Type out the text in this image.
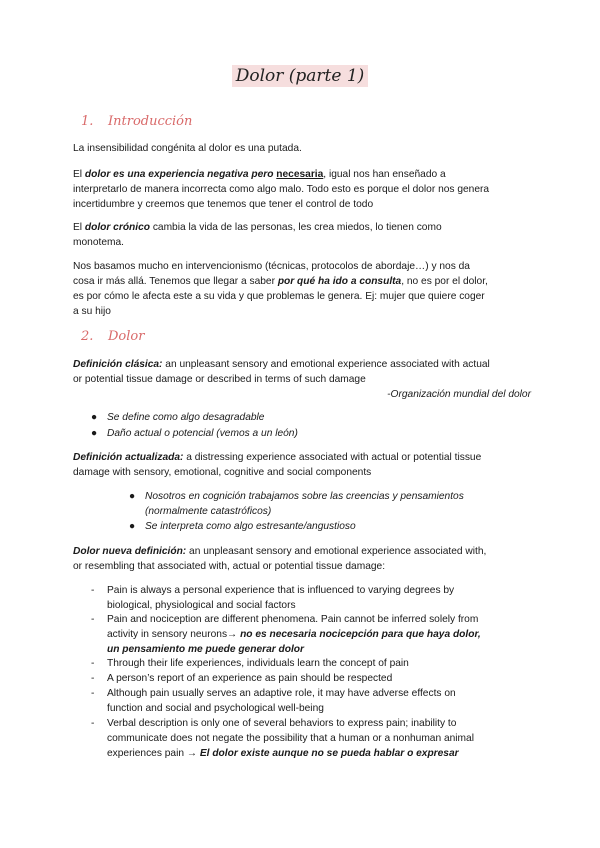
Dolor (parte 1)
1. Introducción
La insensibilidad congénita al dolor es una putada.
El dolor es una experiencia negativa pero necesaria, igual nos han enseñado a
interpretarlo de manera incorrecta como algo malo. Todo esto es porque el dolor nos genera
incertidumbre y creemos que tenemos que tener el control de todo
El dolor crónico cambia la vida de las personas, les crea miedos, lo tienen como
monotema.
Nos basamos mucho en intervencionismo (técnicas, protocolos de abordaje…) y nos da
cosa ir más allá. Tenemos que llegar a saber por qué ha ido a consulta, no es por el dolor,
es por cómo le afecta este a su vida y que problemas le genera. Ej: mujer que quiere coger
a su hijo
2. Dolor
Definición clásica: an unpleasant sensory and emotional experience associated with actual
or potential tissue damage or described in terms of such damage
-Organización mundial del dolor
● Se define como algo desagradable
● Daño actual o potencial (vemos a un león)
Definición actualizada: a distressing experience associated with actual or potential tissue
damage with sensory, emotional, cognitive and social components
● Nosotros en cognición trabajamos sobre las creencias y pensamientos
(normalmente catastróficos)
● Se interpreta como algo estresante/angustioso
Dolor nueva definición: an unpleasant sensory and emotional experience associated with,
or resembling that associated with, actual or potential tissue damage:
- Pain is always a personal experience that is influenced to varying degrees by
biological, physiological and social factors
- Pain and nociception are different phenomena. Pain cannot be inferred solely from
activity in sensory neurons→ no es necesaria nocicepción para que haya dolor,
un pensamiento me puede generar dolor
- Through their life experiences, individuals learn the concept of pain
- A person’s report of an experience as pain should be respected
- Although pain usually serves an adaptive role, it may have adverse effects on
function and social and psychological well-being
- Verbal description is only one of several behaviors to express pain; inability to
communicate does not negate the possibility that a human or a nonhuman animal
experiences pain → El dolor existe aunque no se pueda hablar o expresar
